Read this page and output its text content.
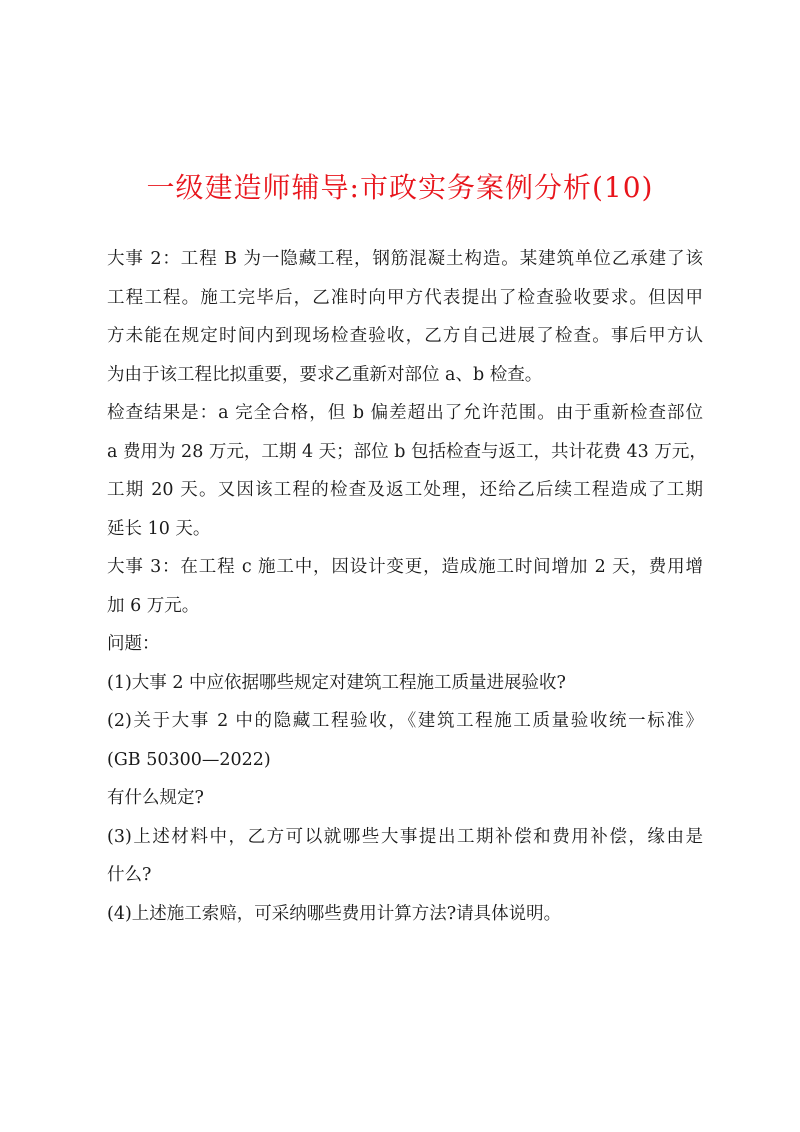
一级建造师辅导:市政实务案例分析(10)
大事 2：工程 B 为一隐藏工程，钢筋混凝土构造。某建筑单位乙承建了该
工程工程。施工完毕后，乙准时向甲方代表提出了检查验收要求。但因甲
方未能在规定时间内到现场检查验收，乙方自己进展了检查。事后甲方认
为由于该工程比拟重要，要求乙重新对部位 a、b 检查。
检查结果是：a 完全合格，但 b 偏差超出了允许范围。由于重新检查部位
a 费用为 28 万元，工期 4 天；部位 b 包括检查与返工，共计花费 43 万元，
工期 20 天。又因该工程的检查及返工处理，还给乙后续工程造成了工期
延长 10 天。
大事 3：在工程 c 施工中，因设计变更，造成施工时间增加 2 天，费用增
加 6 万元。
问题：
(1)大事 2 中应依据哪些规定对建筑工程施工质量进展验收?
(2)关于大事 2 中的隐藏工程验收，《建筑工程施工质量验收统一标准》
(GB 50300—2022)
有什么规定?
(3)上述材料中，乙方可以就哪些大事提出工期补偿和费用补偿，缘由是
什么?
(4)上述施工索赔，可采纳哪些费用计算方法?请具体说明。
